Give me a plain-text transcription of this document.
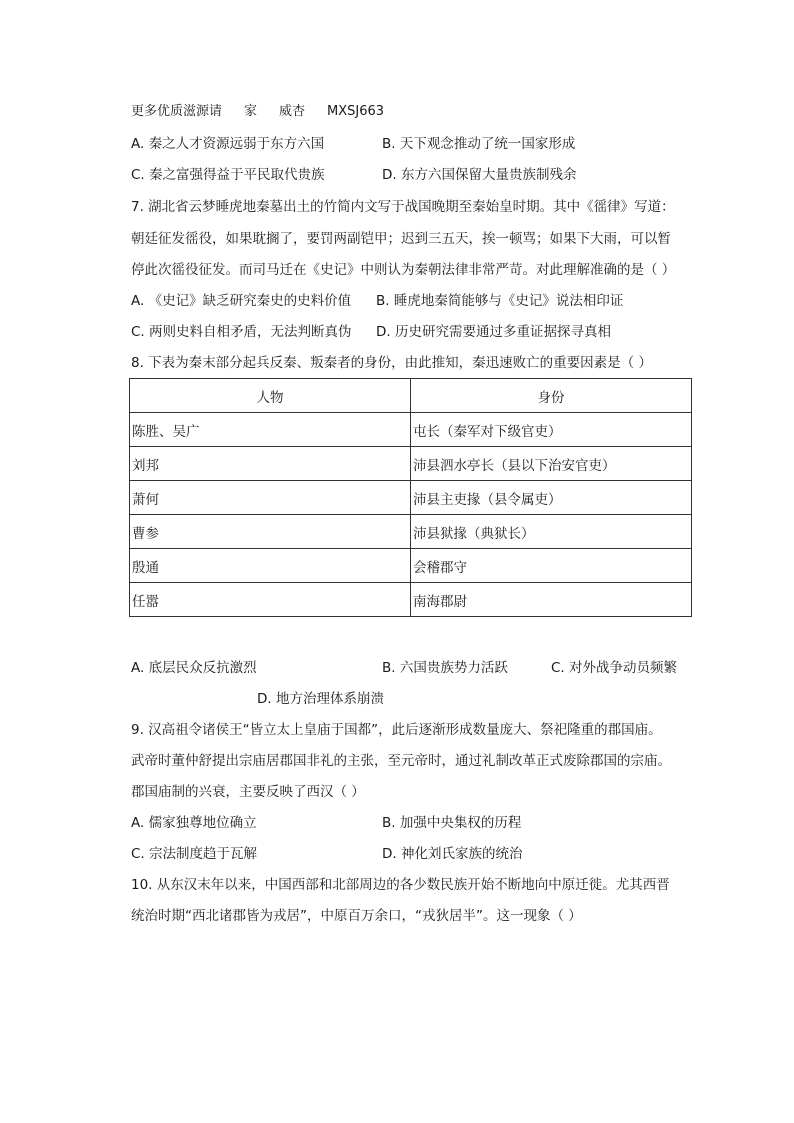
更多优质滋源请 家 威杏 MXSJ663
A. 秦之人才资源远弱于东方六国	B. 天下观念推动了统一国家形成
C. 秦之富强得益于平民取代贵族	D. 东方六国保留大量贵族制残余
7. 湖北省云梦睡虎地秦墓出土的竹简内文写于战国晚期至秦始皇时期。其中《徭律》写道：
朝廷征发徭役，如果耽搁了，要罚两副铠甲；迟到三五天，挨一顿骂；如果下大雨，可以暂
停此次徭役征发。而司马迁在《史记》中则认为秦朝法律非常严苛。对此理解准确的是（ ）
A. 《史记》缺乏研究秦史的史料价值 B. 睡虎地秦简能够与《史记》说法相印证
C. 两则史料自相矛盾，无法判断真伪 D. 历史研究需要通过多重证据探寻真相
8. 下表为秦末部分起兵反秦、叛秦者的身份，由此推知，秦迅速败亡的重要因素是（ ）
人物	身份
陈胜、吴广	屯长（秦军对下级官吏）
刘邦	沛县泗水亭长（县以下治安官吏）
萧何	沛县主吏掾（县令属吏）
曹参	沛县狱掾（典狱长）
殷通	会稽郡守
任嚣	南海郡尉
A. 底层民众反抗激烈	B. 六国贵族势力活跃	C. 对外战争动员频繁
D. 地方治理体系崩溃
9. 汉高祖令诸侯王“皆立太上皇庙于国都”，此后逐渐形成数量庞大、祭祀隆重的郡国庙。
武帝时董仲舒提出宗庙居郡国非礼的主张，至元帝时，通过礼制改革正式废除郡国的宗庙。
郡国庙制的兴衰，主要反映了西汉（ ）
A. 儒家独尊地位确立	B. 加强中央集权的历程
C. 宗法制度趋于瓦解	D. 神化刘氏家族的统治
10. 从东汉末年以来，中国西部和北部周边的各少数民族开始不断地向中原迁徙。尤其西晋
统治时期“西北诸郡皆为戎居”，中原百万余口，“戎狄居半”。这一现象（ ）
